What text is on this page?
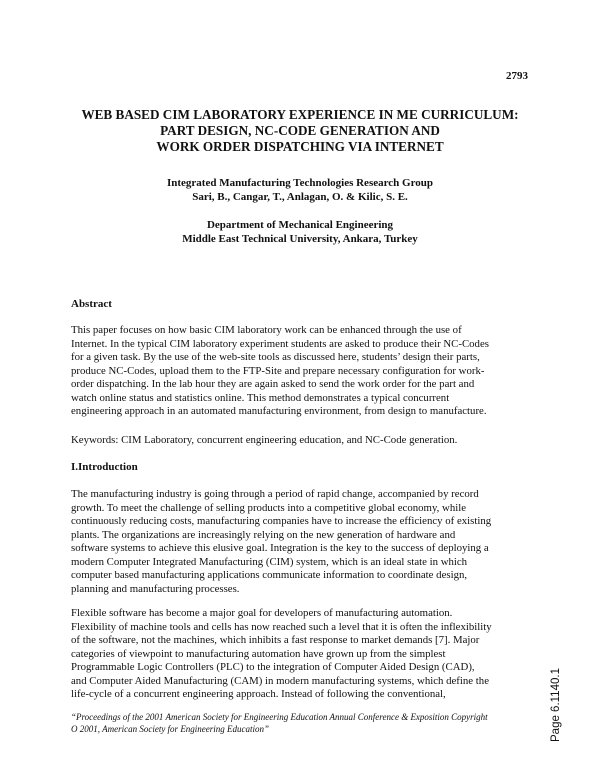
2793
WEB BASED CIM LABORATORY EXPERIENCE IN ME CURRICULUM:
PART DESIGN, NC-CODE GENERATION AND
WORK ORDER DISPATCHING VIA INTERNET
Integrated Manufacturing Technologies Research Group
Sari, B., Cangar, T., Anlagan, O. & Kilic, S. E.
Department of Mechanical Engineering
Middle East Technical University, Ankara, Turkey
Abstract
This paper focuses on how basic CIM laboratory work can be enhanced through the use of
Internet. In the typical CIM laboratory experiment students are asked to produce their NC-Codes
for a given task. By the use of the web-site tools as discussed here, students’ design their parts,
produce NC-Codes, upload them to the FTP-Site and prepare necessary configuration for work-
order dispatching. In the lab hour they are again asked to send the work order for the part and
watch online status and statistics online. This method demonstrates a typical concurrent
engineering approach in an automated manufacturing environment, from design to manufacture.
Keywords: CIM Laboratory, concurrent engineering education, and NC-Code generation.
I.Introduction
The manufacturing industry is going through a period of rapid change, accompanied by record
growth. To meet the challenge of selling products into a competitive global economy, while
continuously reducing costs, manufacturing companies have to increase the efficiency of existing
plants. The organizations are increasingly relying on the new generation of hardware and
software systems to achieve this elusive goal. Integration is the key to the success of deploying a
modern Computer Integrated Manufacturing (CIM) system, which is an ideal state in which
computer based manufacturing applications communicate information to coordinate design,
planning and manufacturing processes.
Flexible software has become a major goal for developers of manufacturing automation.
Flexibility of machine tools and cells has now reached such a level that it is often the inflexibility
of the software, not the machines, which inhibits a fast response to market demands [7]. Major
categories of viewpoint to manufacturing automation have grown up from the simplest
Programmable Logic Controllers (PLC) to the integration of Computer Aided Design (CAD),
and Computer Aided Manufacturing (CAM) in modern manufacturing systems, which define the
life-cycle of a concurrent engineering approach. Instead of following the conventional,
“Proceedings of the 2001 American Society for Engineering Education Annual Conference & Exposition Copyright
O 2001, American Society for Engineering Education”	Page 6.1140.1
